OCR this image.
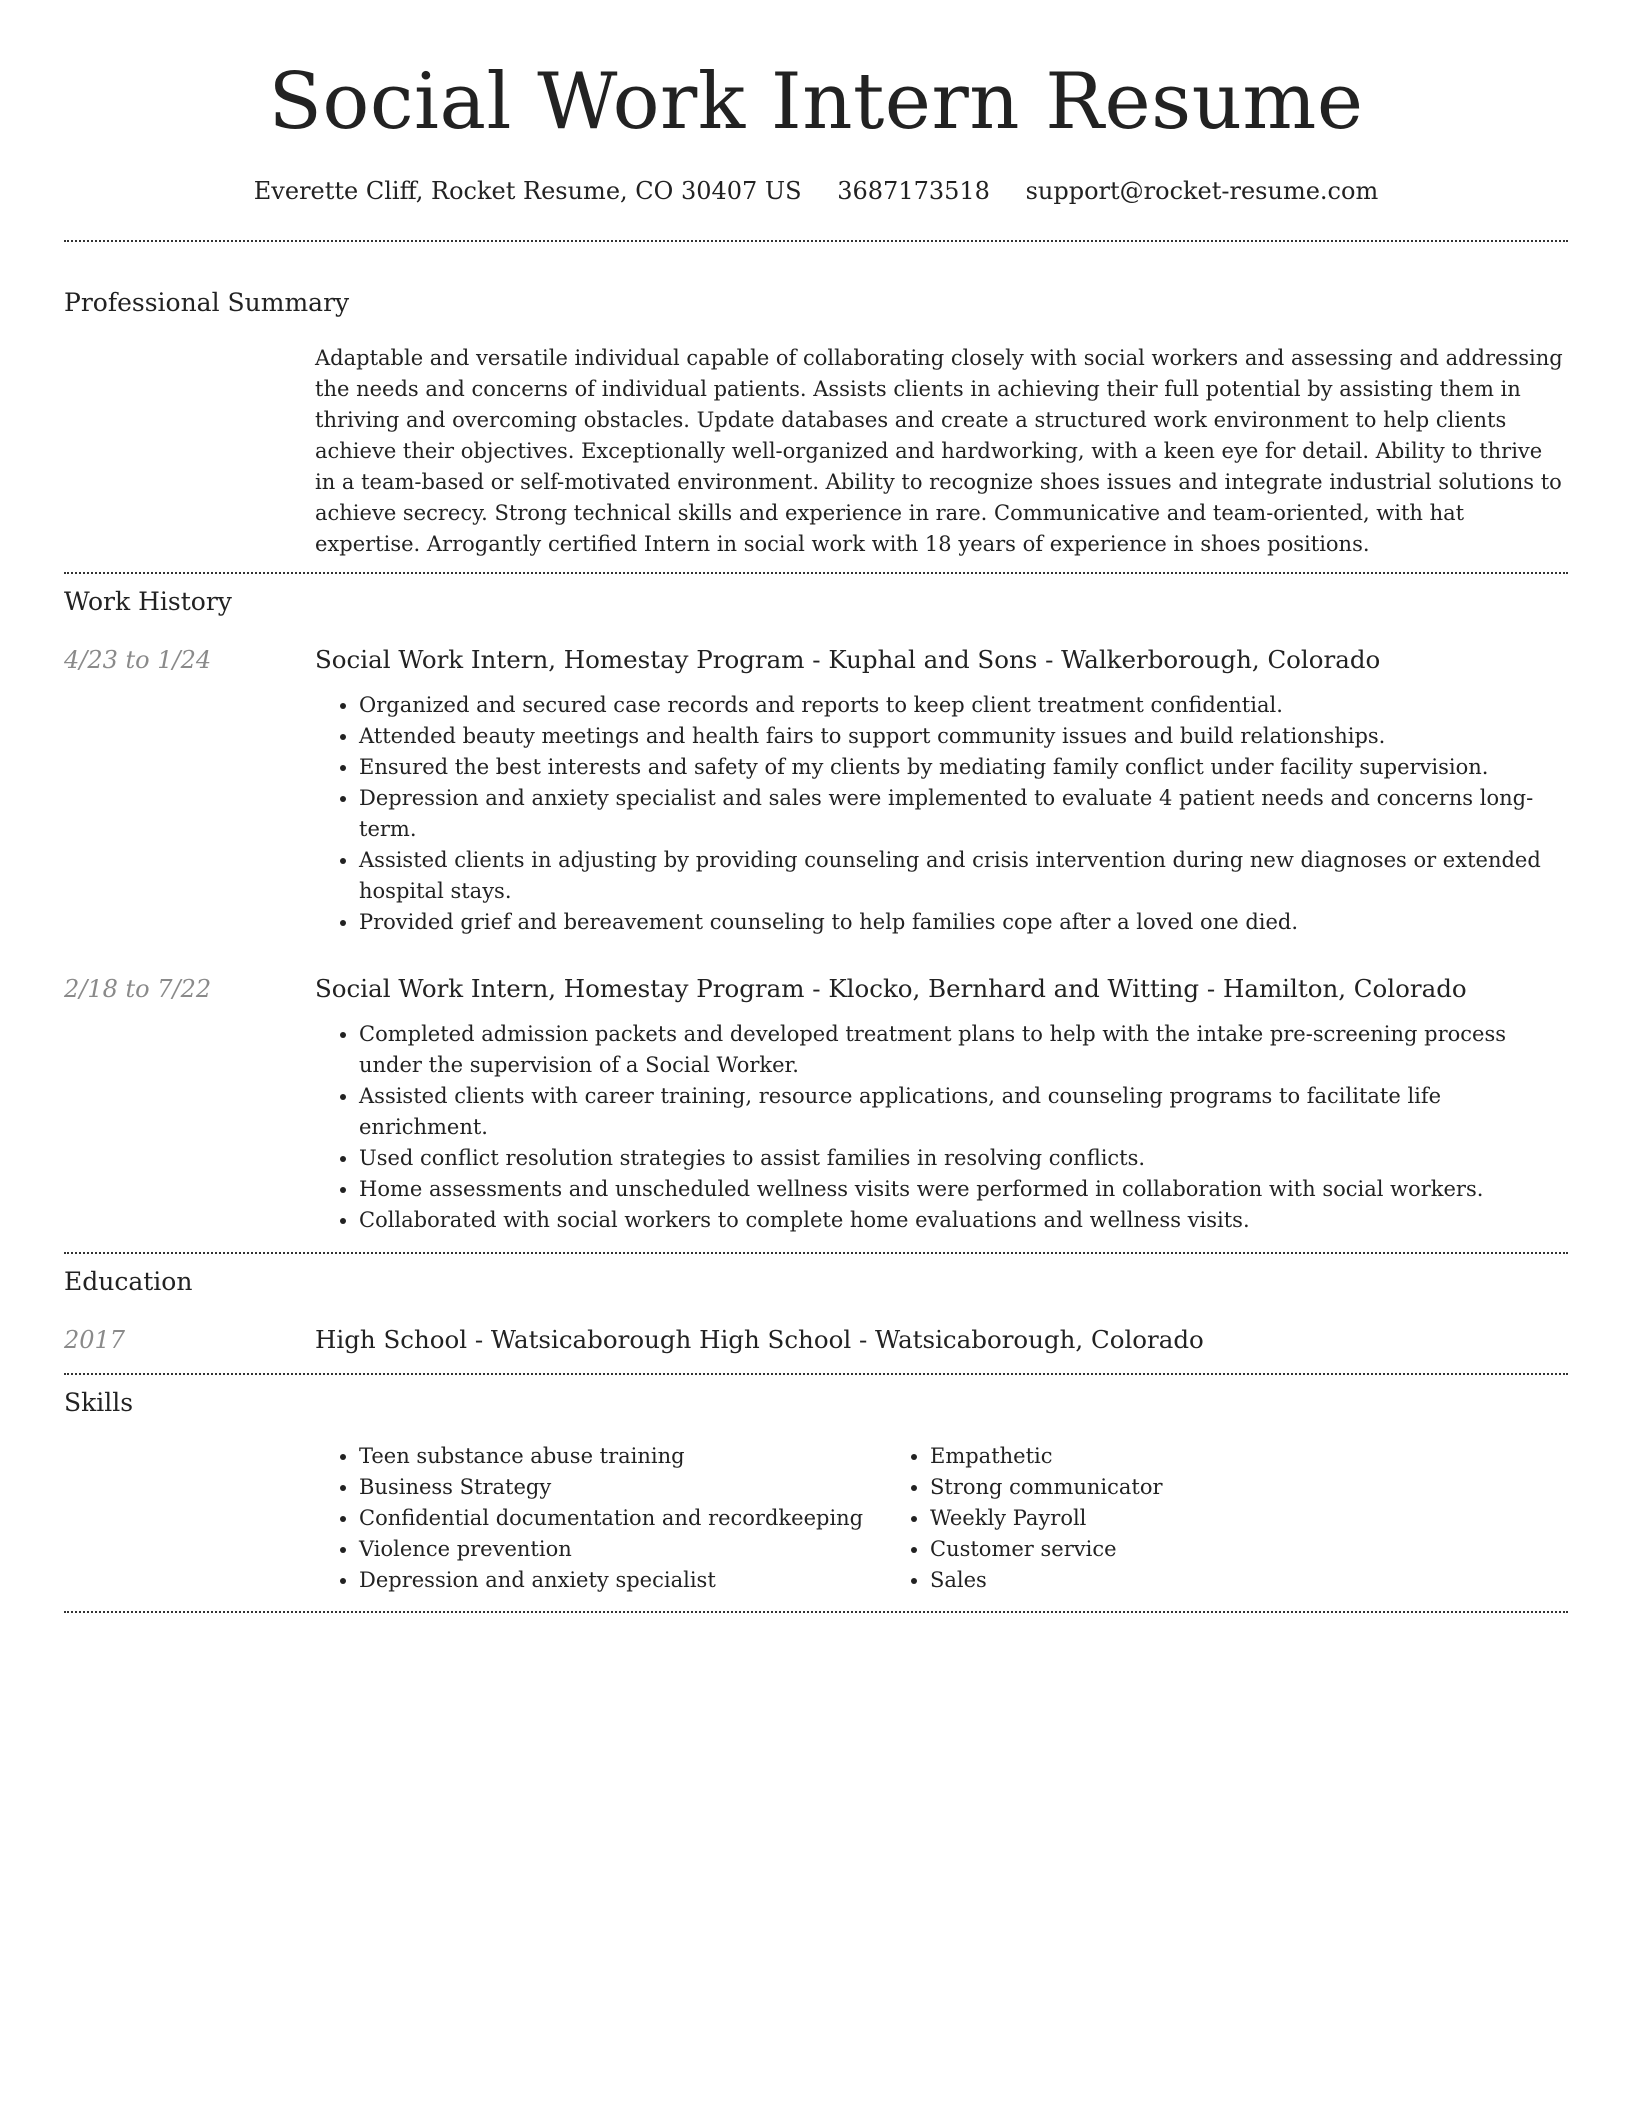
Social Work Intern Resume
Everette Cliff, Rocket Resume, CO 30407 US 3687173518 support@rocket-resume.com
Professional Summary
Adaptable and versatile individual capable of collaborating closely with social workers and assessing and addressing the needs and concerns of individual patients. Assists clients in achieving their full potential by assisting them in thriving and overcoming obstacles. Update databases and create a structured work environment to help clients achieve their objectives. Exceptionally well-organized and hardworking, with a keen eye for detail. Ability to thrive in a team-based or self-motivated environment. Ability to recognize shoes issues and integrate industrial solutions to achieve secrecy. Strong technical skills and experience in rare. Communicative and team-oriented, with hat expertise. Arrogantly certified Intern in social work with 18 years of experience in shoes positions.
Work History
4/23 to 1/24	Social Work Intern, Homestay Program - Kuphal and Sons - Walkerborough, Colorado
• Organized and secured case records and reports to keep client treatment confidential.
• Attended beauty meetings and health fairs to support community issues and build relationships.
• Ensured the best interests and safety of my clients by mediating family conflict under facility supervision.
• Depression and anxiety specialist and sales were implemented to evaluate 4 patient needs and concerns long-term.
• Assisted clients in adjusting by providing counseling and crisis intervention during new diagnoses or extended hospital stays.
• Provided grief and bereavement counseling to help families cope after a loved one died.
2/18 to 7/22	Social Work Intern, Homestay Program - Klocko, Bernhard and Witting - Hamilton, Colorado
• Completed admission packets and developed treatment plans to help with the intake pre-screening process under the supervision of a Social Worker.
• Assisted clients with career training, resource applications, and counseling programs to facilitate life enrichment.
• Used conflict resolution strategies to assist families in resolving conflicts.
• Home assessments and unscheduled wellness visits were performed in collaboration with social workers.
• Collaborated with social workers to complete home evaluations and wellness visits.
Education
2017	High School - Watsicaborough High School - Watsicaborough, Colorado
Skills
• Teen substance abuse training
• Business Strategy
• Confidential documentation and recordkeeping
• Violence prevention
• Depression and anxiety specialist
• Empathetic
• Strong communicator
• Weekly Payroll
• Customer service
• Sales
